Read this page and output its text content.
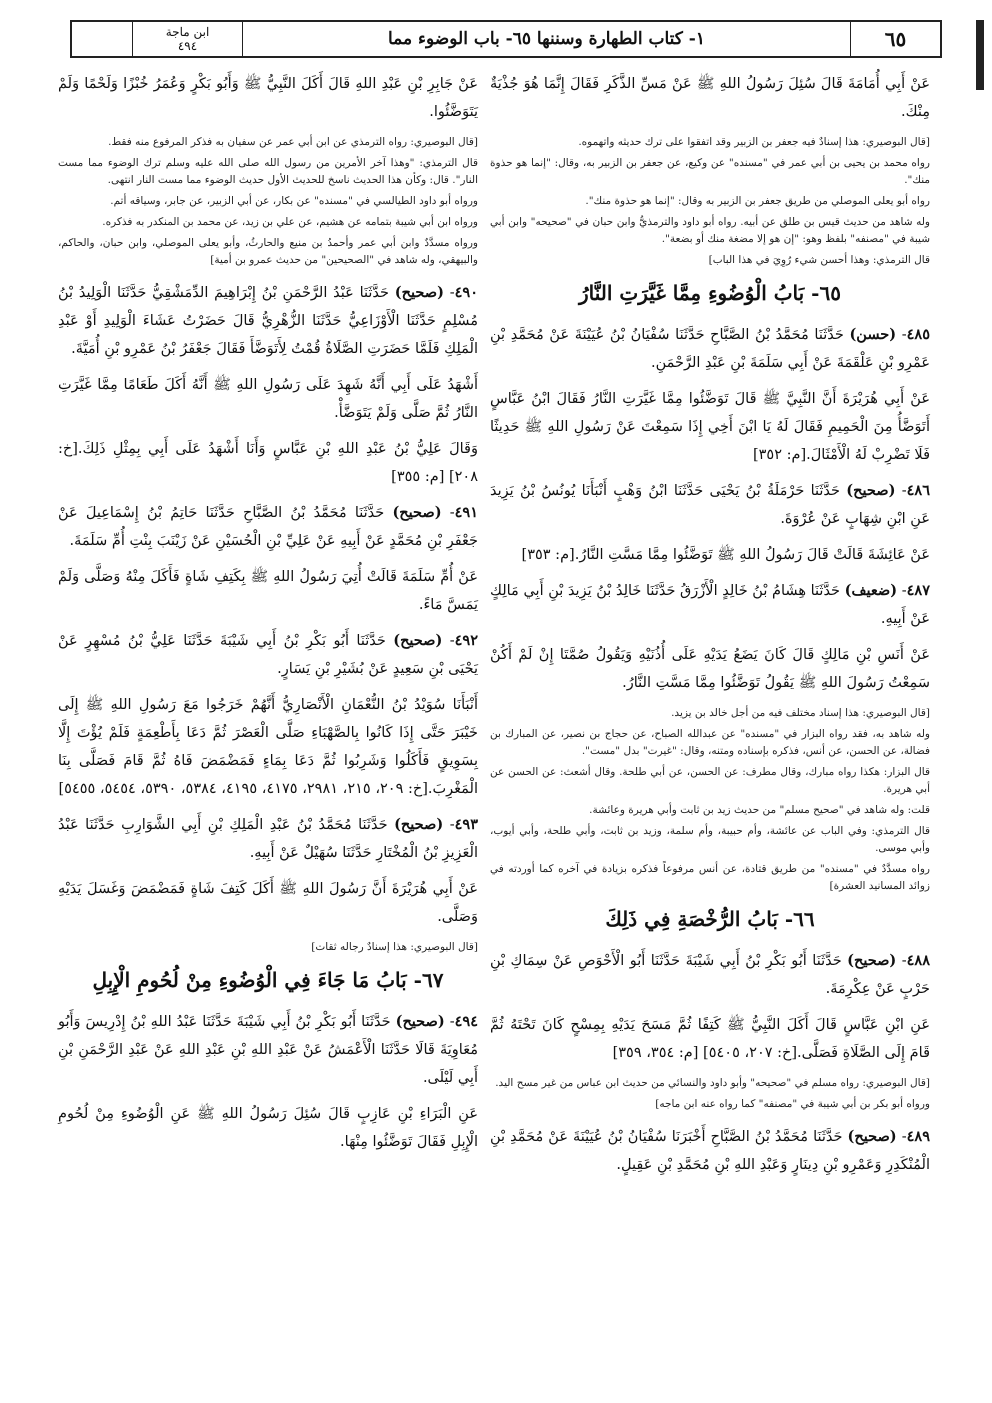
٦٥
١- كتاب الطهارة وسننها ٦٥- باب الوضوء مما
ابن ماجة
٤٩٤

عَنْ أَبِي أُمَامَةَ قَالَ سُئِلَ رَسُولُ اللهِ ﷺ عَنْ مَسِّ الذَّكَرِ فَقَالَ إِنَّمَا هُوَ جُذْيَةٌ مِنْكَ.

[قال البوصيري: هذا إسنادٌ فيه جعفر بن الزبير وقد اتفقوا على ترك حديثه واتهموه.

رواه محمد بن يحيى بن أبي عمر في "مسنده" عن وكيع، عن جعفر بن الزبير به، وقال: "إنما هو حذوة منك".

رواه أبو يعلى الموصلي من طريق جعفر بن الزبير به وقال: "إنما هو حذوة منك".

وله شاهد من حديث قيس بن طلق عن أبيه. رواه أبو داود والترمذيُّ وابن حبان في "صحيحه" وابن أبي شيبة في "مصنفه" بلفظ وهو: "إن هو إلا مضغة منك أو بضعة".

قال الترمذي: وهذا أحسن شيء رُوِيَ في هذا الباب]

٦٥- بَابُ الْوُضُوءِ مِمَّا غَيَّرَتِ النَّارُ

٤٨٥- (حسن) حَدَّثَنَا مُحَمَّدُ بْنُ الصَّبَّاحِ حَدَّثَنَا سُفْيَانُ بْنُ عُيَيْنَةَ عَنْ مُحَمَّدِ بْنِ عَمْرِو بْنِ عَلْقَمَةَ عَنْ أَبِي سَلَمَةَ بْنِ عَبْدِ الرَّحْمَنِ.

عَنْ أَبِي هُرَيْرَةَ أَنَّ النَّبِيَّ ﷺ قَالَ تَوَضَّئُوا مِمَّا غَيَّرَتِ النَّارُ فَقَالَ ابْنُ عَبَّاسٍ أَتَوَضَّأُ مِنَ الْحَمِيمِ فَقَالَ لَهُ يَا ابْنَ أَخِي إِذَا سَمِعْتَ عَنْ رَسُولِ اللهِ ﷺ حَدِيثًا فَلَا تَضْرِبْ لَهُ الْأَمْثَالَ.[م: ٣٥٢]

٤٨٦- (صحيح) حَدَّثَنَا حَرْمَلَةُ بْنُ يَحْيَى حَدَّثَنَا ابْنُ وَهْبٍ أَنْبَأَنَا يُونُسُ بْنُ يَزِيدَ عَنِ ابْنِ شِهَابٍ عَنْ عُرْوَةَ.

عَنْ عَائِشَةَ قَالَتْ قَالَ رَسُولُ اللهِ ﷺ تَوَضَّئُوا مِمَّا مَسَّتِ النَّارُ.[م: ٣٥٣]

٤٨٧- (ضعيف) حَدَّثَنَا هِشَامُ بْنُ خَالِدٍ الْأَزْرَقُ حَدَّثَنَا خَالِدُ بْنُ يَزِيدَ بْنِ أَبِي مَالِكٍ عَنْ أَبِيهِ.

عَنْ أَنَسِ بْنِ مَالِكٍ قَالَ كَانَ يَضَعُ يَدَيْهِ عَلَى أُذُنَيْهِ وَيَقُولُ صُمَّتَا إِنْ لَمْ أَكُنْ سَمِعْتُ رَسُولَ اللهِ ﷺ يَقُولُ تَوَضَّئُوا مِمَّا مَسَّتِ النَّارُ.

[قال البوصيري: هذا إسناد مختلف فيه من أجل خالد بن يزيد.

وله شاهد به، فقد رواه البزار في "مسنده" عن عبدالله الصباح، عن حجاج بن نصير، عن المبارك بن فضالة، عن الحسن، عن أنس، فذكره بإسناده ومتنه، وقال: "غيرت" بدل "مست".

قال البزار: هكذا رواه مبارك، وقال مطرف: عن الحسن، عن أبي طلحة. وقال أشعث: عن الحسن عن أبي هريرة.

قلت: وله شاهد في "صحيح مسلم" من حديث زيد بن ثابت وأبي هريرة وعائشة.

قال الترمذي: وفي الباب عن عائشة، وأم حبيبة، وأم سلمة، وزيد بن ثابت، وأبي طلحة، وأبي أيوب، وأبي موسى.

رواه مسدَّدٌ في "مسنده" من طريق قتادة، عن أنس مرفوعاً فذكره بزيادة في آخره كما أوردته في زوائد المسانيد العشرة]

٦٦- بَابُ الرُّخْصَةِ فِي ذَلِكَ

٤٨٨- (صحيح) حَدَّثَنَا أَبُو بَكْرِ بْنُ أَبِي شَيْبَةَ حَدَّثَنَا أَبُو الْأَحْوَصِ عَنْ سِمَاكِ بْنِ حَرْبٍ عَنْ عِكْرِمَةَ.

عَنِ ابْنِ عَبَّاسٍ قَالَ أَكَلَ النَّبِيُّ ﷺ كَتِفًا ثُمَّ مَسَحَ يَدَيْهِ بِمِسْحٍ كَانَ تَحْتَهُ ثُمَّ قَامَ إِلَى الصَّلَاةِ فَصَلَّى.[خ: ٢٠٧، ٥٤٠٥] [م: ٣٥٤، ٣٥٩]

[قال البوصيري: رواه مسلم في "صحيحه" وأبو داود والنسائي من حديث ابن عباس من غير مسح اليد.

ورواه أبو بكر بن أبي شيبة في "مصنفه" كما رواه عنه ابن ماجه]

٤٨٩- (صحيح) حَدَّثَنَا مُحَمَّدُ بْنُ الصَّبَّاحِ أَخْبَرَنَا سُفْيَانُ بْنُ عُيَيْنَةَ عَنْ مُحَمَّدِ بْنِ الْمُنْكَدِرِ وَعَمْرِو بْنِ دِينَارٍ وَعَبْدِ اللهِ بْنِ مُحَمَّدِ بْنِ عَقِيلٍ.

عَنْ جَابِرِ بْنِ عَبْدِ اللهِ قَالَ أَكَلَ النَّبِيُّ ﷺ وَأَبُو بَكْرٍ وَعُمَرُ خُبْزًا وَلَحْمًا وَلَمْ يَتَوَضَّئُوا.

[قال البوصيري: رواه الترمذي عن ابن أبي عمر عن سفيان به فذكر المرفوع منه فقط.

قال الترمذي: "وهذا آخر الأمرين من رسول الله صلى الله عليه وسلم ترك الوضوء مما مست النار". قال: وكأن هذا الحديث ناسخ للحديث الأول حديث الوضوء مما مست النار انتهى.

ورواه أبو داود الطيالسي في "مسنده" عن بكار، عن أبي الزبير، عن جابر، وسياقه أتم.

ورواه ابن أبي شيبة بتمامه عن هشيم، عن علي بن زيد، عن محمد بن المنكدر به فذكره.

ورواه مسدَّدٌ وابن أبي عمر وأحمدُ بن منيع والحارثُ، وأبو يعلى الموصلي، وابن حبان، والحاكم، والبيهقي، وله شاهد في "الصحيحين" من حديث عمرو بن أمية]

٤٩٠- (صحيح) حَدَّثَنَا عَبْدُ الرَّحْمَنِ بْنُ إِبْرَاهِيمَ الدِّمَشْقِيُّ حَدَّثَنَا الْوَلِيدُ بْنُ مُسْلِمٍ حَدَّثَنَا الْأَوْزَاعِيُّ حَدَّثَنَا الزُّهْرِيُّ قَالَ حَضَرْتُ عَشَاءَ الْوَلِيدِ أَوْ عَبْدِ الْمَلِكِ فَلَمَّا حَضَرَتِ الصَّلَاةُ قُمْتُ لِأَتَوَضَّأَ فَقَالَ جَعْفَرُ بْنُ عَمْرِو بْنِ أُمَيَّةَ.

أَشْهَدُ عَلَى أَبِي أَنَّهُ شَهِدَ عَلَى رَسُولِ اللهِ ﷺ أَنَّهُ أَكَلَ طَعَامًا مِمَّا غَيَّرَتِ النَّارُ ثُمَّ صَلَّى وَلَمْ يَتَوَضَّأْ.

وَقَالَ عَلِيُّ بْنُ عَبْدِ اللهِ بْنِ عَبَّاسٍ وَأَنَا أَشْهَدُ عَلَى أَبِي بِمِثْلِ ذَلِكَ.[خ: ٢٠٨] [م: ٣٥٥]

٤٩١- (صحيح) حَدَّثَنَا مُحَمَّدُ بْنُ الصَّبَّاحِ حَدَّثَنَا حَاتِمُ بْنُ إِسْمَاعِيلَ عَنْ جَعْفَرِ بْنِ مُحَمَّدٍ عَنْ أَبِيهِ عَنْ عَلِيِّ بْنِ الْحُسَيْنِ عَنْ زَيْنَبَ بِنْتِ أُمِّ سَلَمَةَ.

عَنْ أُمِّ سَلَمَةَ قَالَتْ أُتِيَ رَسُولُ اللهِ ﷺ بِكَتِفِ شَاةٍ فَأَكَلَ مِنْهُ وَصَلَّى وَلَمْ يَمَسَّ مَاءً.

٤٩٢- (صحيح) حَدَّثَنَا أَبُو بَكْرِ بْنُ أَبِي شَيْبَةَ حَدَّثَنَا عَلِيُّ بْنُ مُسْهِرٍ عَنْ يَحْيَى بْنِ سَعِيدٍ عَنْ بُشَيْرِ بْنِ يَسَارٍ.

أَنْبَأَنَا سُوَيْدُ بْنُ النُّعْمَانِ الْأَنْصَارِيُّ أَنَّهُمْ خَرَجُوا مَعَ رَسُولِ اللهِ ﷺ إِلَى خَيْبَرَ حَتَّى إِذَا كَانُوا بِالصَّهْبَاءِ صَلَّى الْعَصْرَ ثُمَّ دَعَا بِأَطْعِمَةٍ فَلَمْ يُؤْتَ إِلَّا بِسَوِيقٍ فَأَكَلُوا وَشَرِبُوا ثُمَّ دَعَا بِمَاءٍ فَمَضْمَضَ فَاهُ ثُمَّ قَامَ فَصَلَّى بِنَا الْمَغْرِبَ.[خ: ٢٠٩، ٢١٥، ٢٩٨١، ٤١٧٥، ٤١٩٥، ٥٣٨٤، ٥٣٩٠، ٥٤٥٤، ٥٤٥٥]

٤٩٣- (صحيح) حَدَّثَنَا مُحَمَّدُ بْنُ عَبْدِ الْمَلِكِ بْنِ أَبِي الشَّوَارِبِ حَدَّثَنَا عَبْدُ الْعَزِيزِ بْنُ الْمُخْتَارِ حَدَّثَنَا سُهَيْلٌ عَنْ أَبِيهِ.

عَنْ أَبِي هُرَيْرَةَ أَنَّ رَسُولَ اللهِ ﷺ أَكَلَ كَتِفَ شَاةٍ فَمَضْمَضَ وَغَسَلَ يَدَيْهِ وَصَلَّى.

[قال البوصيري: هذا إسنادٌ رجاله ثقات]

٦٧- بَابُ مَا جَاءَ فِي الْوُضُوءِ مِنْ لُحُومِ الْإِبِلِ

٤٩٤- (صحيح) حَدَّثَنَا أَبُو بَكْرِ بْنُ أَبِي شَيْبَةَ حَدَّثَنَا عَبْدُ اللهِ بْنُ إِدْرِيسَ وَأَبُو مُعَاوِيَةَ قَالَا حَدَّثَنَا الْأَعْمَشُ عَنْ عَبْدِ اللهِ بْنِ عَبْدِ اللهِ عَنْ عَبْدِ الرَّحْمَنِ بْنِ أَبِي لَيْلَى.

عَنِ الْبَرَاءِ بْنِ عَازِبٍ قَالَ سُئِلَ رَسُولُ اللهِ ﷺ عَنِ الْوُضُوءِ مِنْ لُحُومِ الْإِبِلِ فَقَالَ تَوَضَّئُوا مِنْهَا.
